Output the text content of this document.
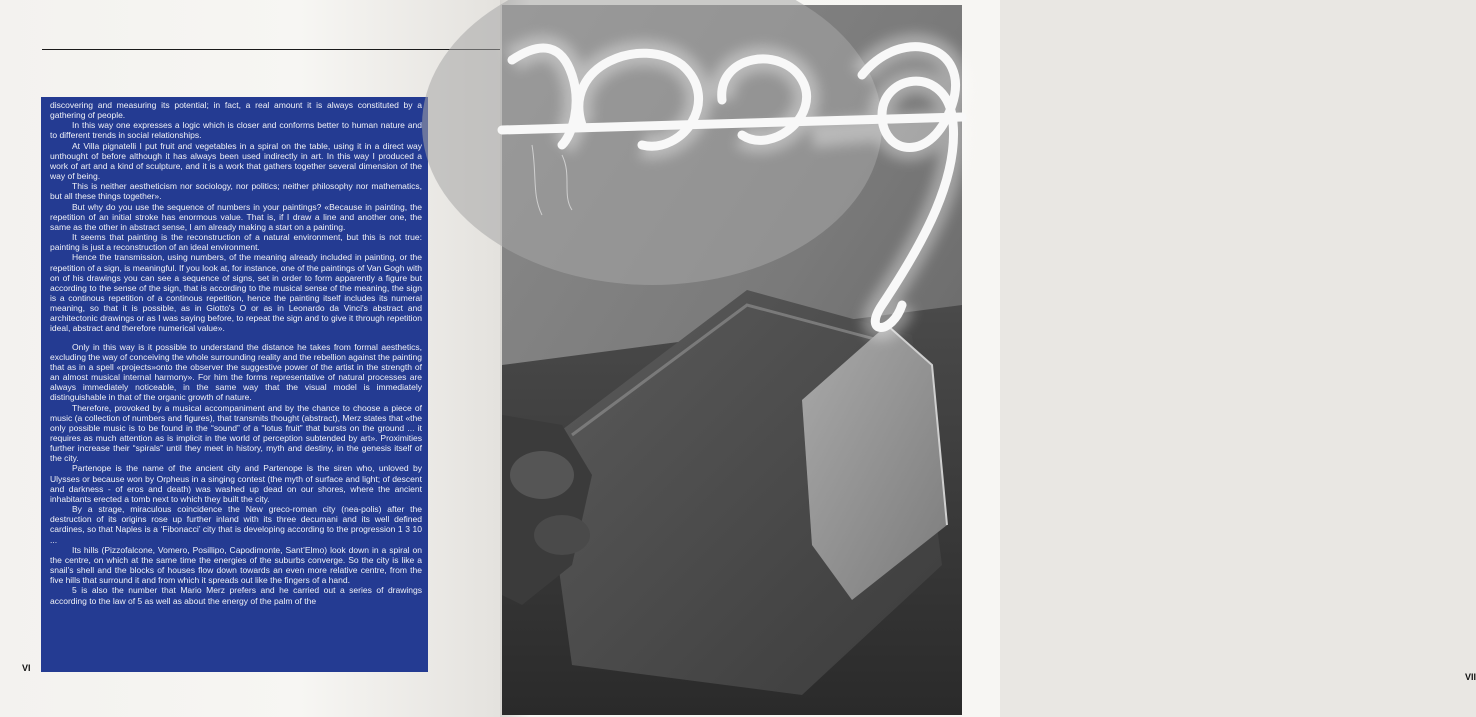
discovering and measuring its potential; in fact, a real amount it is always constituted by a gathering of people.

In this way one expresses a logic which is closer and conforms better to human nature and to different trends in social relationships.

At Villa pignatelli I put fruit and vegetables in a spiral on the table, using it in a direct way unthought of before although it has always been used indirectly in art. In this way I produced a work of art and a kind of sculpture, and it is a work that gathers together several dimension of the way of being.

This is neither aestheticism nor sociology, nor politics; neither philosophy nor mathematics, but all these things together».

But why do you use the sequence of numbers in your paintings? «Because in painting, the repetition of an initial stroke has enormous value. That is, if I draw a line and another one, the same as the other in abstract sense, I am already making a start on a painting.

It seems that painting is the reconstruction of a natural environment, but this is not true: painting is just a reconstruction of an ideal environment.

Hence the transmission, using numbers, of the meaning already included in painting, or the repetition of a sign, is meaningful. If you look at, for instance, one of the paintings of Van Gogh with on of his drawings you can see a sequence of signs, set in order to form apparently a figure but according to the sense of the sign, that is according to the musical sense of the meaning, the sign is a continous repetition of a continous repetition, hence the painting itself includes its numeral meaning, so that it is possible, as in Giotto's O or as in Leonardo da Vinci's abstract and architectonic drawings or as I was saying before, to repeat the sign and to give it through repetition ideal, abstract and therefore numerical value».

Only in this way is it possible to understand the distance he takes from formal aesthetics, excluding the way of conceiving the whole surrounding reality and the rebellion against the painting that as in a spell «projects»onto the observer the suggestive power of the artist in the strength of an almost musical internal harmony». For him the forms representative of natural processes are always immediately noticeable, in the same way that the visual model is immediately distinguishable in that of the organic growth of nature.

Therefore, provoked by a musical accompaniment and by the chance to choose a piece of music (a collection of numbers and figures), that transmits thought (abstract), Merz states that «the only possible music is to be found in the “sound” of a “lotus fruit” that bursts on the ground ... it requires as much attention as is implicit in the world of perception subtended by art». Proximities further increase their “spirals” until they meet in history, myth and destiny, in the genesis itself of the city.

Partenope is the name of the ancient city and Partenope is the siren who, unloved by Ulysses or because won by Orpheus in a singing contest (the myth of surface and light; of descent and darkness - of eros and death) was washed up dead on our shores, where the ancient inhabitants erected a tomb next to which they built the city.

By a strage, miraculous coincidence the New greco-roman city (nea-polis) after the destruction of its origins rose up further inland with its three decumani and its well defined cardines, so that Naples is a ‘Fibonacci’ city that is developing according to the progression 1 3 10 ...

Its hills (Pizzofalcone, Vomero, Posillipo, Capodimonte, Sant’Elmo) look down in a spiral on the centre, on which at the same time the energies of the suburbs converge. So the city is like a snail’s shell and the blocks of houses flow down towards an even more relative centre, from the five hills that surround it and from which it spreads out like the fingers of a hand.

5 is also the number that Mario Merz prefers and he carried out a series of drawings according to the law of 5 as well as about the energy of the palm of the

VI
VII
